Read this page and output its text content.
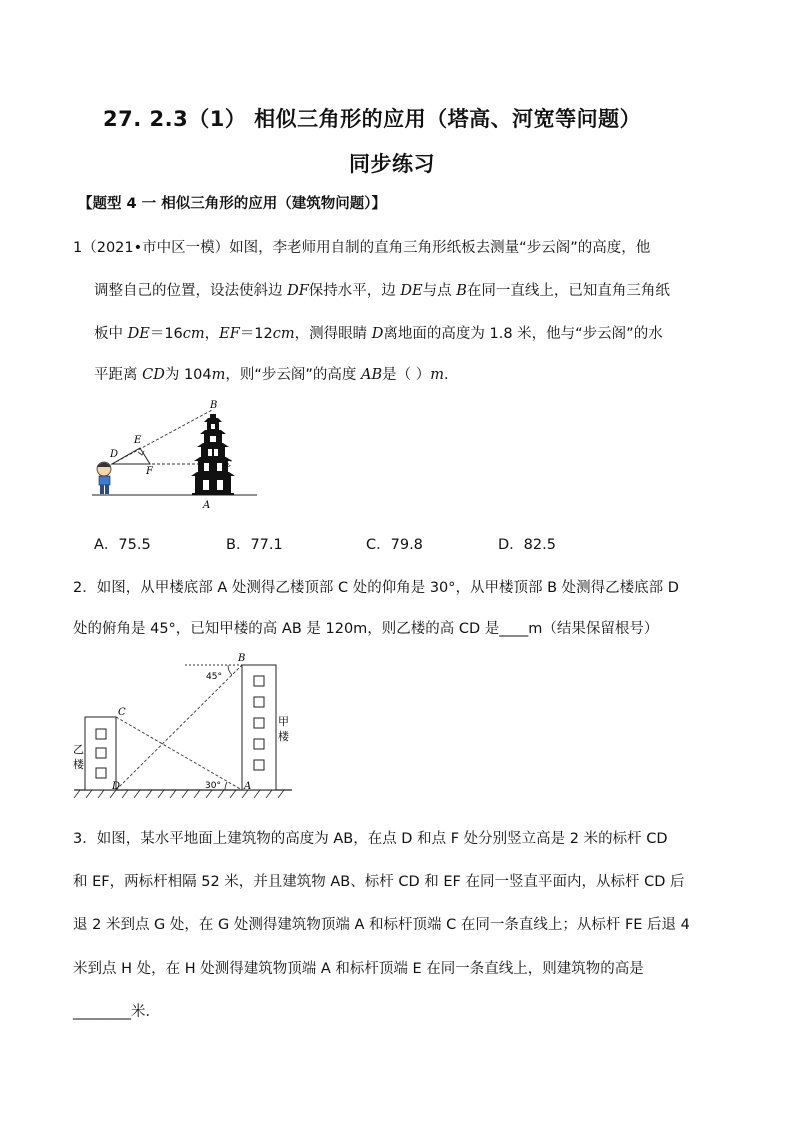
27. 2.3（1） 相似三角形的应用（塔高、河宽等问题）
同步练习
【题型 4 一 相似三角形的应用（建筑物问题）】
1（2021•市中区一模）如图，李老师用自制的直角三角形纸板去测量“步云阁”的高度，他
调整自己的位置，设法使斜边 DF保持水平，边 DE与点 B在同一直线上，已知直角三角纸
板中 DE＝16cm，EF＝12cm，测得眼睛 D离地面的高度为 1.8 米，他与“步云阁”的水
平距离 CD为 104m，则“步云阁”的高度 AB是（ ）m．
B
E
D
F
C
A
A．75.5	B．77.1	C．79.8	D．82.5
2．如图，从甲楼底部 A 处测得乙楼顶部 C 处的仰角是 30°，从甲楼顶部 B 处测得乙楼底部 D
处的俯角是 45°，已知甲楼的高 AB 是 120m，则乙楼的高 CD 是____m（结果保留根号）
B
C
D	A
45°
30°
甲
楼
乙
楼
3．如图，某水平地面上建筑物的高度为 AB，在点 D 和点 F 处分别竖立高是 2 米的标杆 CD
和 EF，两标杆相隔 52 米，并且建筑物 AB、标杆 CD 和 EF 在同一竖直平面内，从标杆 CD 后
退 2 米到点 G 处，在 G 处测得建筑物顶端 A 和标杆顶端 C 在同一条直线上；从标杆 FE 后退 4
米到点 H 处，在 H 处测得建筑物顶端 A 和标杆顶端 E 在同一条直线上，则建筑物的高是
________米．
